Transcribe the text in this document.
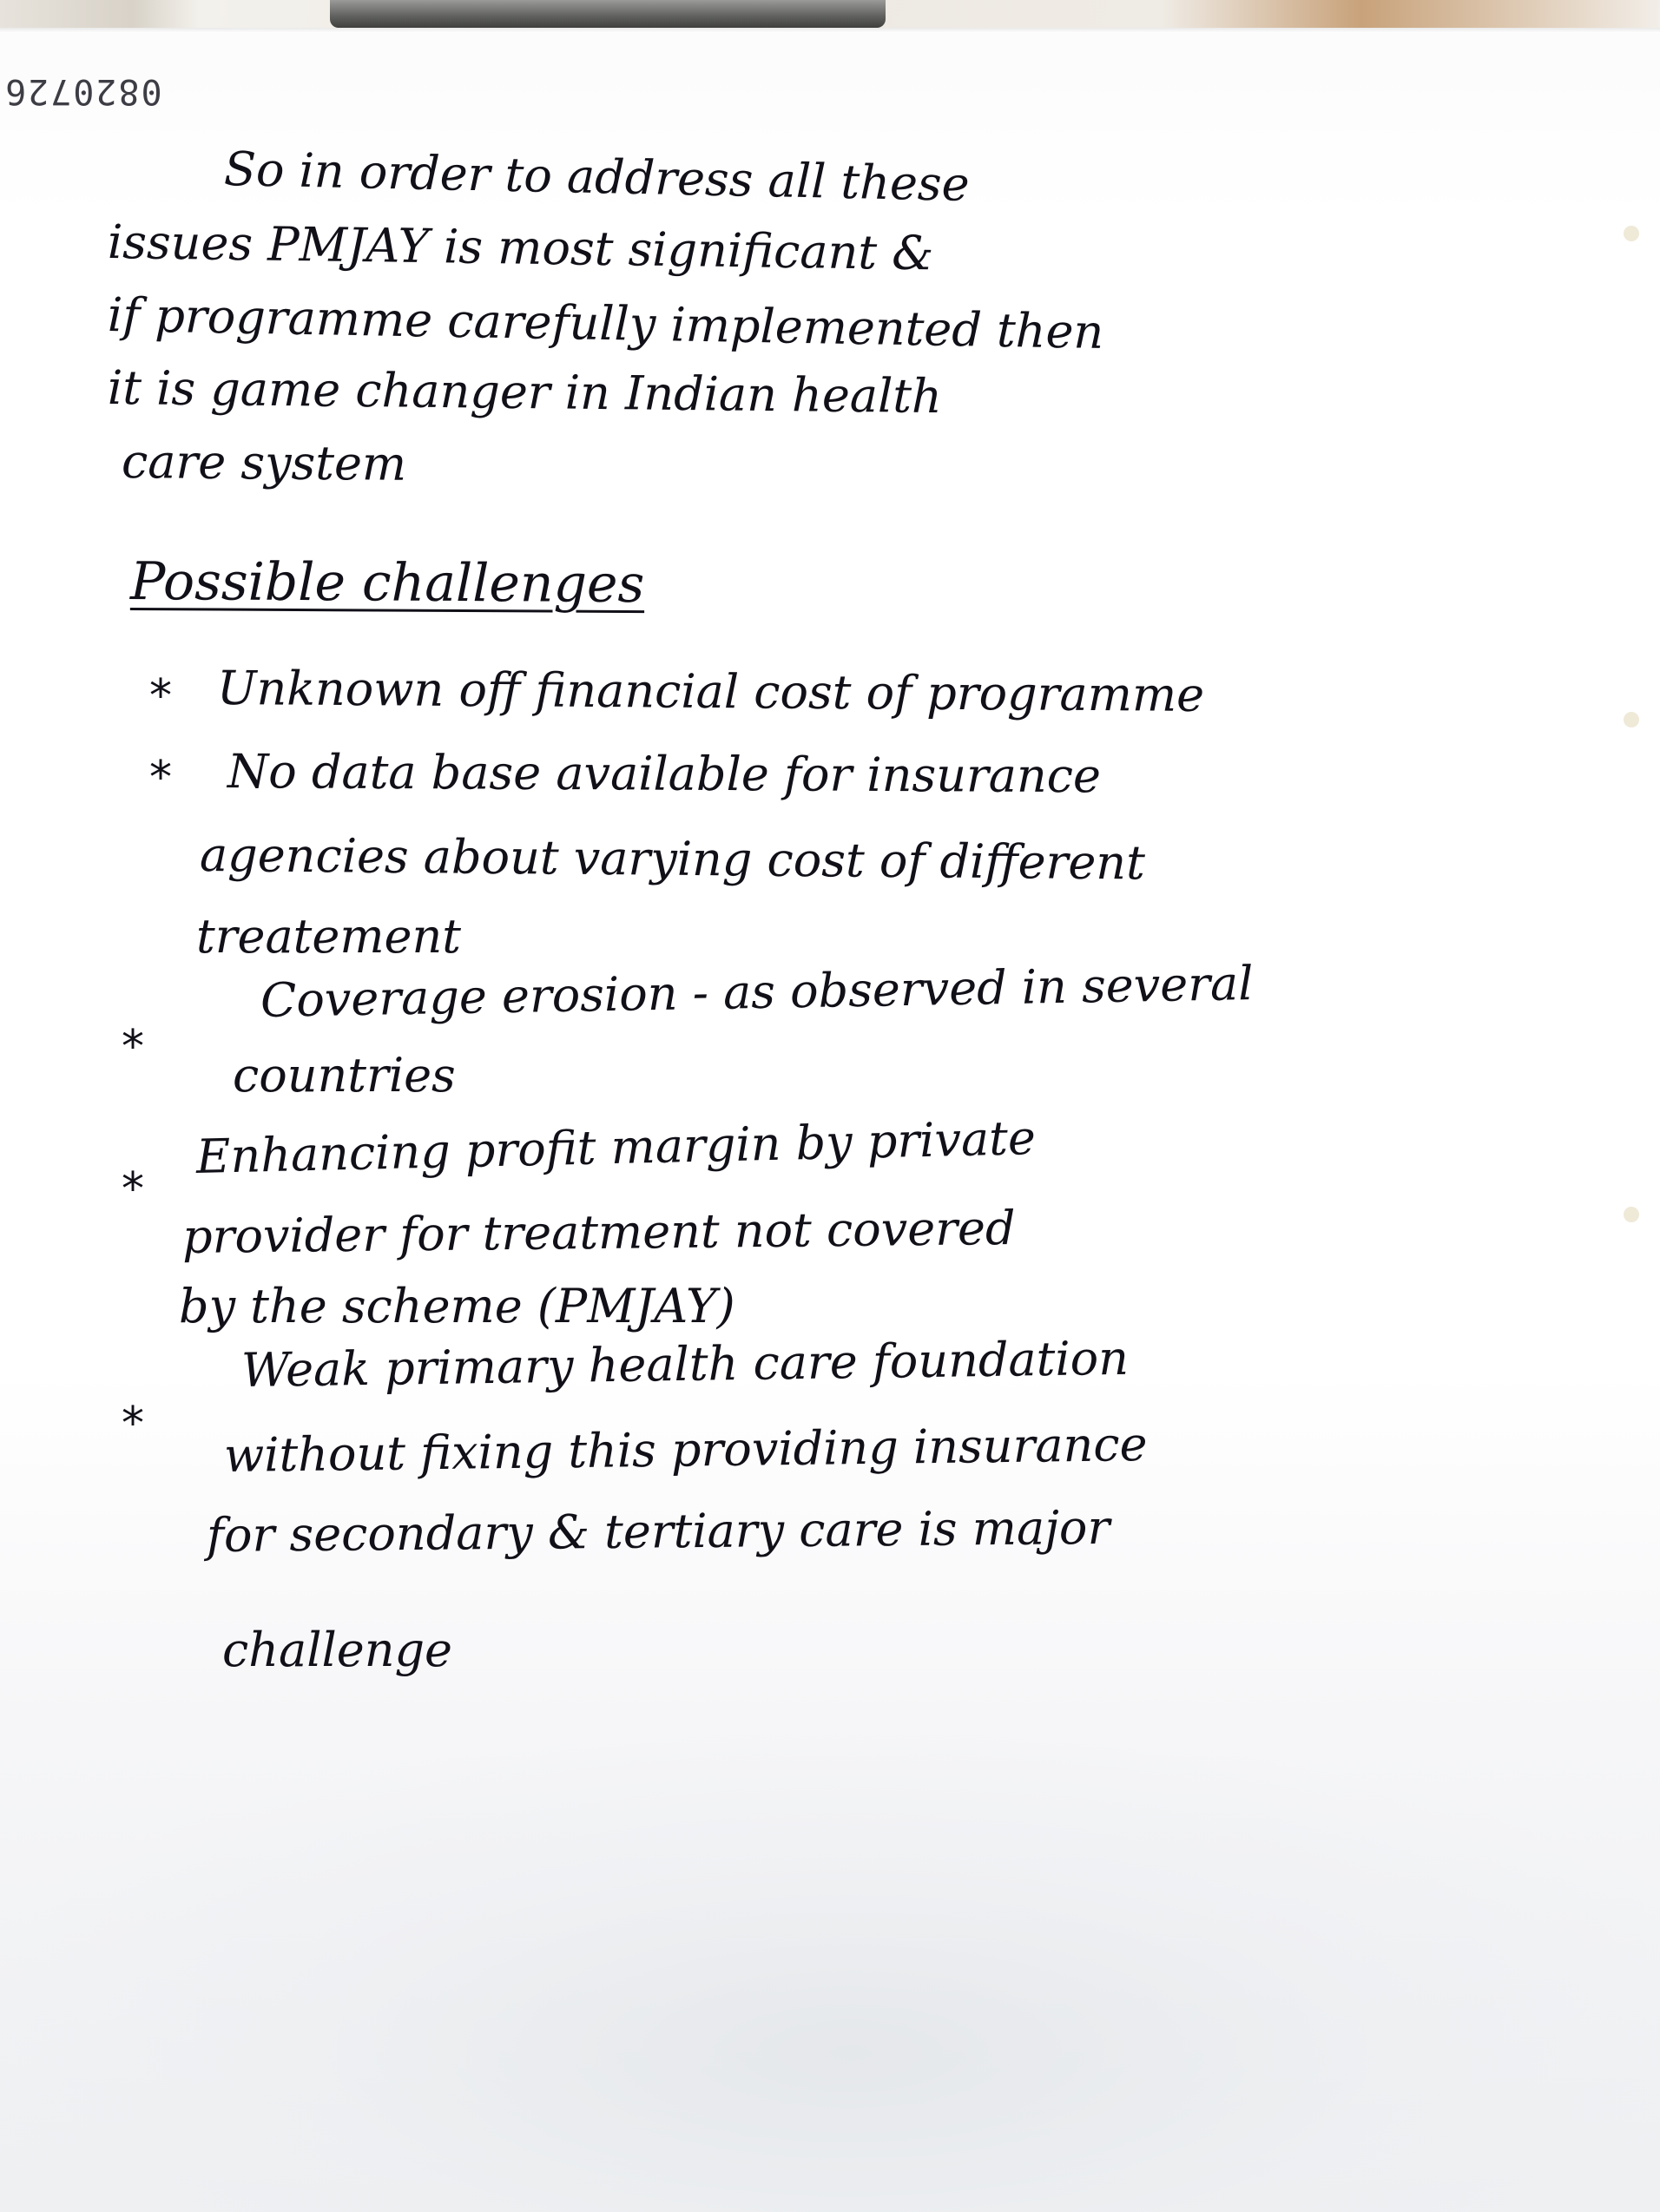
0820726
So in order to address all these
issues PMJAY is most significant &
if programme carefully implemented then
it is game changer in Indian health
care system
Possible challenges
* Unknown off financial cost of programme
* No data base available for insurance
agencies about varying cost of different
treatement
*
Coverage erosion - as observed in several
countries
*
Enhancing profit margin by private
provider for treatment not covered
by the scheme (PMJAY)
*
Weak primary health care foundation
without fixing this providing insurance
for secondary & tertiary care is major
challenge
